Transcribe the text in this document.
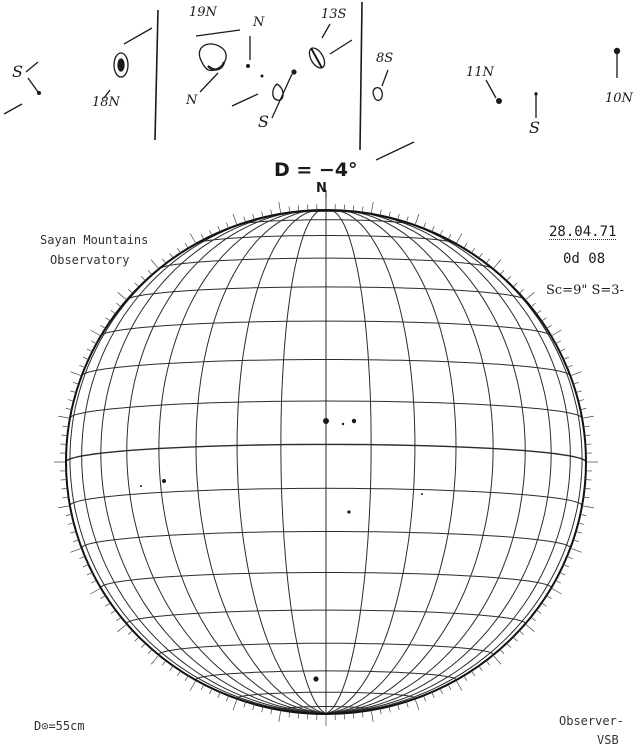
S
18N
19N
N
N
S
13S
8S
11N
S
10N
D = −4°
N
Sayan Mountains
Observatory
28.04.71
0d 08
Sc=9" S=3-
D⊙=55cm	Observer-
VSB
